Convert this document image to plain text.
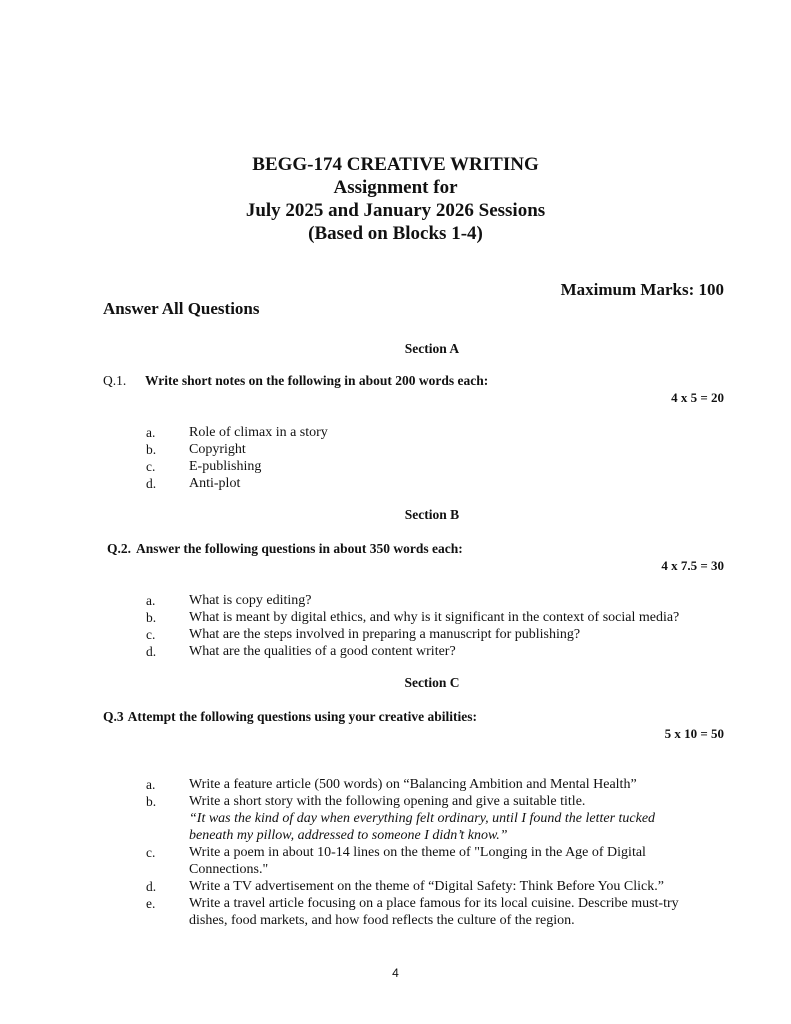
BEGG-174 CREATIVE WRITING
Assignment for
July 2025 and January 2026 Sessions
(Based on Blocks 1-4)
Maximum Marks: 100
Answer All Questions
Section A
Q.1. Write short notes on the following in about 200 words each:
4 x 5 = 20
a. Role of climax in a story
b. Copyright
c. E-publishing
d. Anti-plot
Section B
Q.2. Answer the following questions in about 350 words each:
4 x 7.5 = 30
a. What is copy editing?
b. What is meant by digital ethics, and why is it significant in the context of social media?
c. What are the steps involved in preparing a manuscript for publishing?
d. What are the qualities of a good content writer?
Section C
Q.3 Attempt the following questions using your creative abilities:
5 x 10 = 50
a. Write a feature article (500 words) on “Balancing Ambition and Mental Health”
b. Write a short story with the following opening and give a suitable title.
“It was the kind of day when everything felt ordinary, until I found the letter tucked
beneath my pillow, addressed to someone I didn’t know.”
c. Write a poem in about 10-14 lines on the theme of "Longing in the Age of Digital Connections."
d. Write a TV advertisement on the theme of “Digital Safety: Think Before You Click.”
e. Write a travel article focusing on a place famous for its local cuisine. Describe must-try dishes, food markets, and how food reflects the culture of the region.
4
